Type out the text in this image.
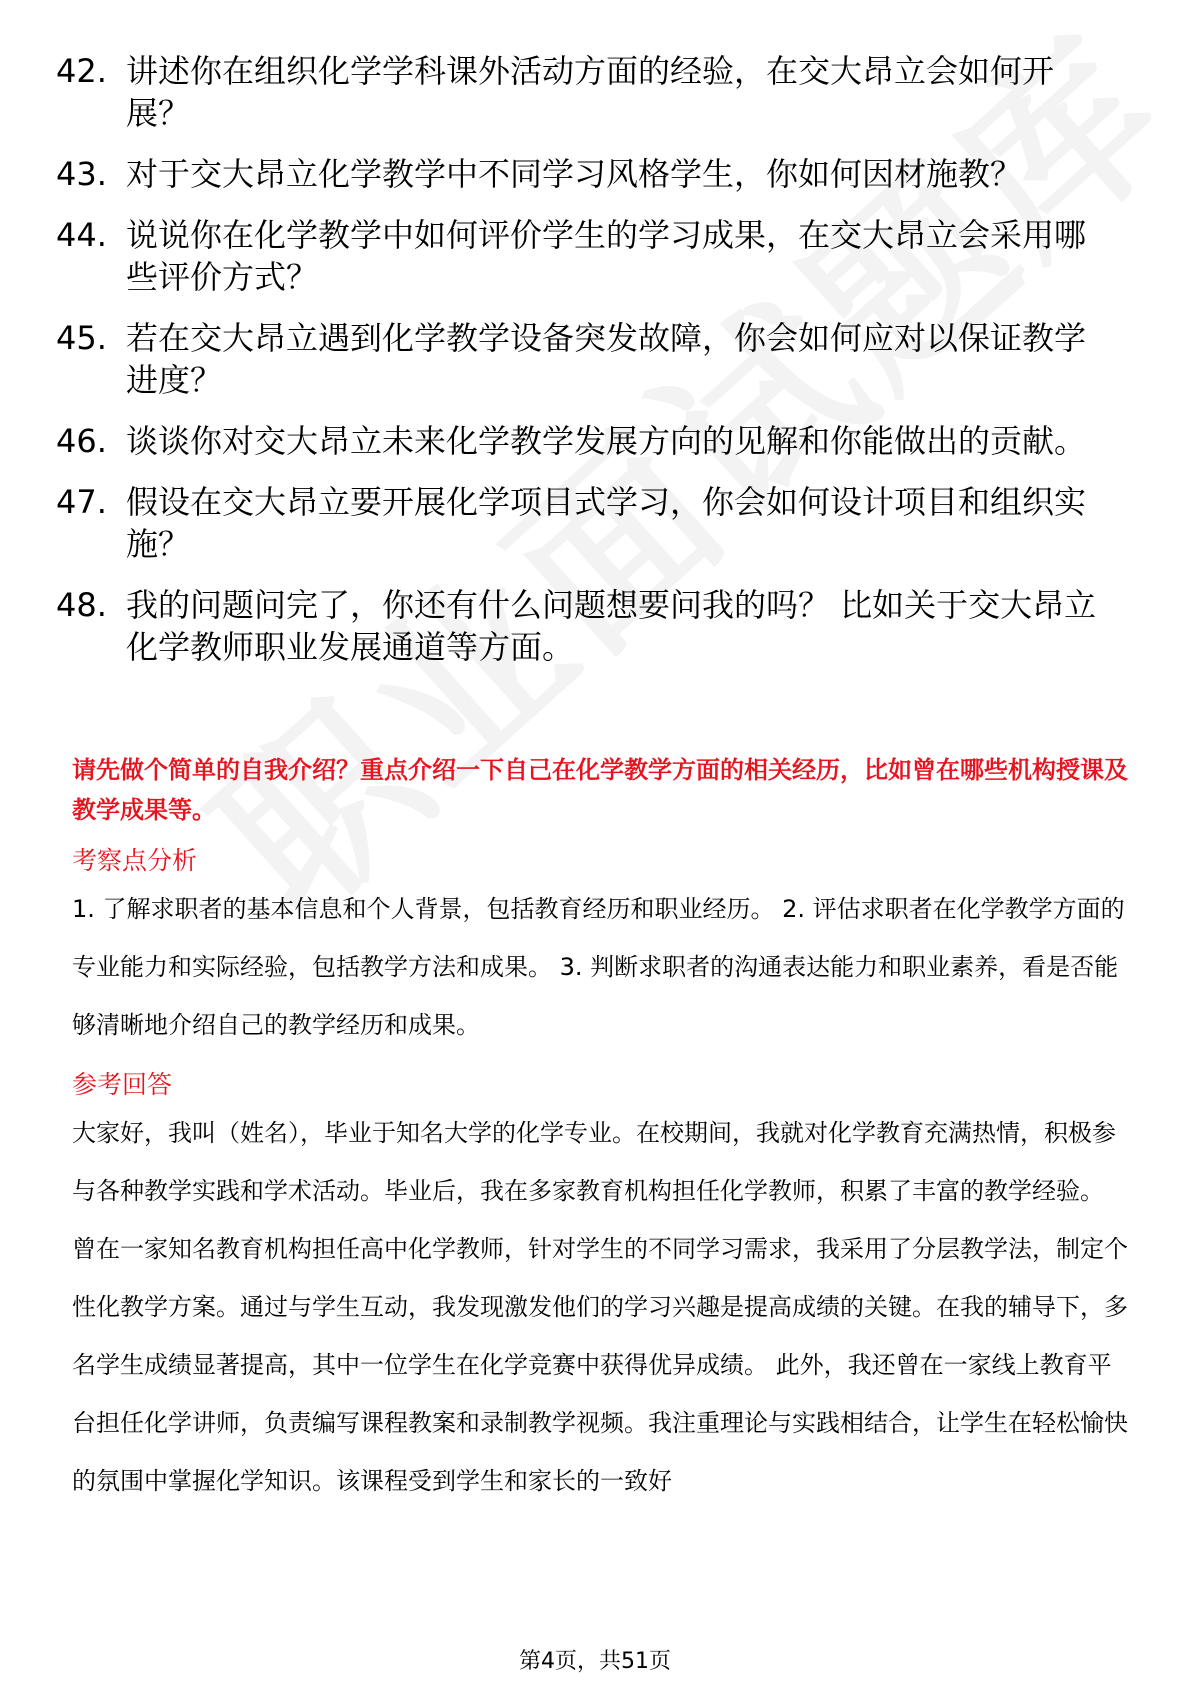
42. 讲述你在组织化学学科课外活动方面的经验，在交大昂立会如何开展？
43. 对于交大昂立化学教学中不同学习风格学生，你如何因材施教？
44. 说说你在化学教学中如何评价学生的学习成果，在交大昂立会采用哪些评价方式？
45. 若在交大昂立遇到化学教学设备突发故障，你会如何应对以保证教学进度？
46. 谈谈你对交大昂立未来化学教学发展方向的见解和你能做出的贡献。
47. 假设在交大昂立要开展化学项目式学习，你会如何设计项目和组织实施？
48. 我的问题问完了，你还有什么问题想要问我的吗？ 比如关于交大昂立化学教师职业发展通道等方面。

请先做个简单的自我介绍？重点介绍一下自己在化学教学方面的相关经历，比如曾在哪些机构授课及教学成果等。

考察点分析
1. 了解求职者的基本信息和个人背景，包括教育经历和职业经历。 2. 评估求职者在化学教学方面的专业能力和实际经验，包括教学方法和成果。 3. 判断求职者的沟通表达能力和职业素养，看是否能够清晰地介绍自己的教学经历和成果。
参考回答
大家好，我叫（姓名），毕业于知名大学的化学专业。在校期间，我就对化学教育充满热情，积极参与各种教学实践和学术活动。毕业后，我在多家教育机构担任化学教师，积累了丰富的教学经验。 曾在一家知名教育机构担任高中化学教师，针对学生的不同学习需求，我采用了分层教学法，制定个性化教学方案。通过与学生互动，我发现激发他们的学习兴趣是提高成绩的关键。在我的辅导下，多名学生成绩显著提高，其中一位学生在化学竞赛中获得优异成绩。 此外，我还曾在一家线上教育平台担任化学讲师，负责编写课程教案和录制教学视频。我注重理论与实践相结合，让学生在轻松愉快的氛围中掌握化学知识。该课程受到学生和家长的一致好
第4页，共51页
